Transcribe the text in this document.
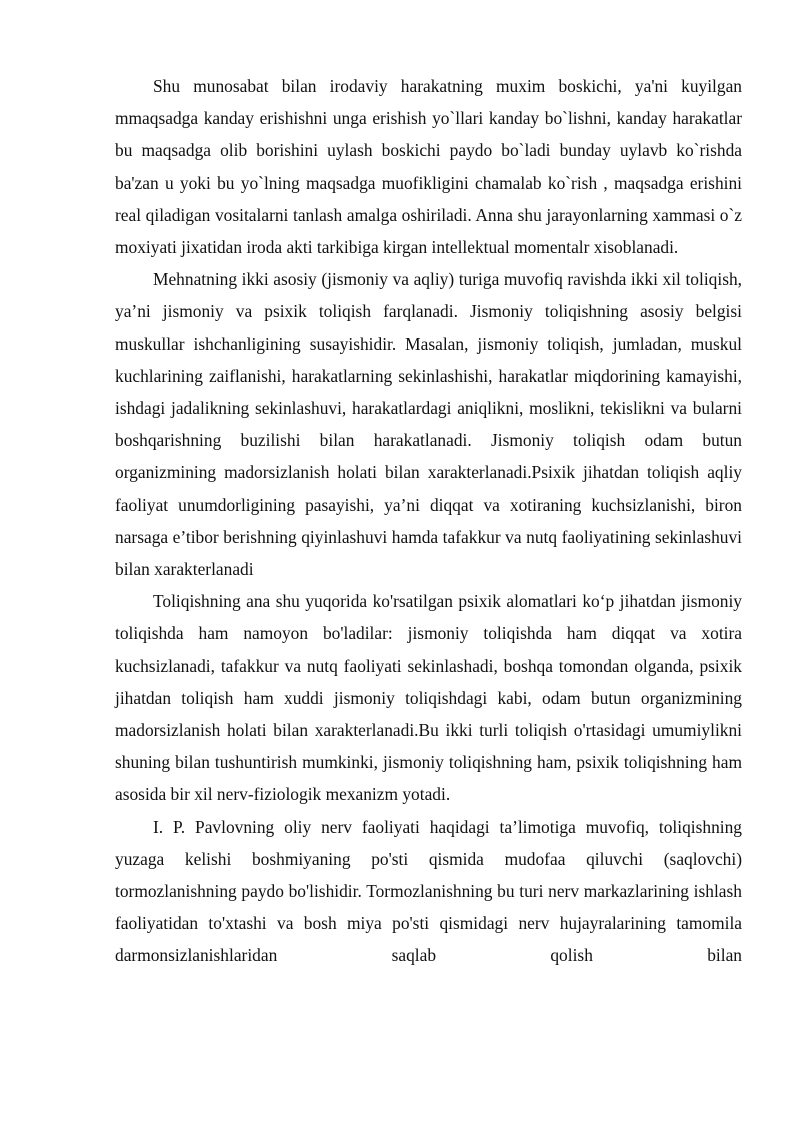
Shu munosabat bilan irodaviy harakatning muxim boskichi, ya'ni kuyilgan mmaqsadga kanday erishishni unga erishish yo`llari kanday bo`lishni, kanday harakatlar bu maqsadga olib borishini uylash boskichi paydo bo`ladi bunday uylavb ko`rishda ba'zan u yoki bu yo`lning maqsadga muofikligini chamalab ko`rish , maqsadga erishini real qiladigan vositalarni tanlash amalga oshiriladi. Anna shu jarayonlarning xammasi o`z moxiyati jixatidan iroda akti tarkibiga kirgan intellektual momentalr xisoblanadi.

Mehnatning ikki asosiy (jismoniy va aqliy) turiga muvofiq ravishda ikki xil toliqish, ya’ni jismoniy va psixik toliqish farqlanadi. Jismoniy toliqishning asosiy belgisi muskullar ishchanligining susayishidir. Masalan, jismoniy toliqish, jumladan, muskul kuchlarining zaiflanishi, harakatlarning sekinlashishi, harakatlar miqdorining kamayishi, ishdagi jadalikning sekinlashuvi, harakatlardagi aniqlikni, moslikni, tekislikni va bularni boshqarishning buzilishi bilan harakatlanadi. Jismoniy toliqish odam butun organizmining madorsizlanish holati bilan xarakterlanadi.Psixik jihatdan toliqish aqliy faoliyat unumdorligining pasayishi, ya’ni diqqat va xotiraning kuchsizlanishi, biron narsaga e’tibor berishning qiyinlashuvi hamda tafakkur va nutq faoliyatining sekinlashuvi bilan xarakterlanadi

Toliqishning ana shu yuqorida ko'rsatilgan psixik alomatlari ko‘p jihatdan jismoniy toliqishda ham namoyon bo'ladilar: jismoniy toliqishda ham diqqat va xotira kuchsizlanadi, tafakkur va nutq faoliyati sekinlashadi, boshqa tomondan olganda, psixik jihatdan toliqish ham xuddi jismoniy toliqishdagi kabi, odam butun organizmining madorsizlanish holati bilan xarakterlanadi.Bu ikki turli toliqish o'rtasidagi umumiylikni shuning bilan tushuntirish mumkinki, jismoniy toliqishning ham, psixik toliqishning ham asosida bir xil nerv-fiziologik mexanizm yotadi.

I. P. Pavlovning oliy nerv faoliyati haqidagi ta’limotiga muvofiq, toliqishning yuzaga kelishi boshmiyaning po'sti qismida mudofaa qiluvchi (saqlovchi) tormozlanishning paydo bo'lishidir. Tormozlanishning bu turi nerv markazlarining ishlash faoliyatidan to'xtashi va bosh miya po'sti qismidagi nerv hujayralarining tamomila darmonsizlanishlaridan saqlab qolish bilan
